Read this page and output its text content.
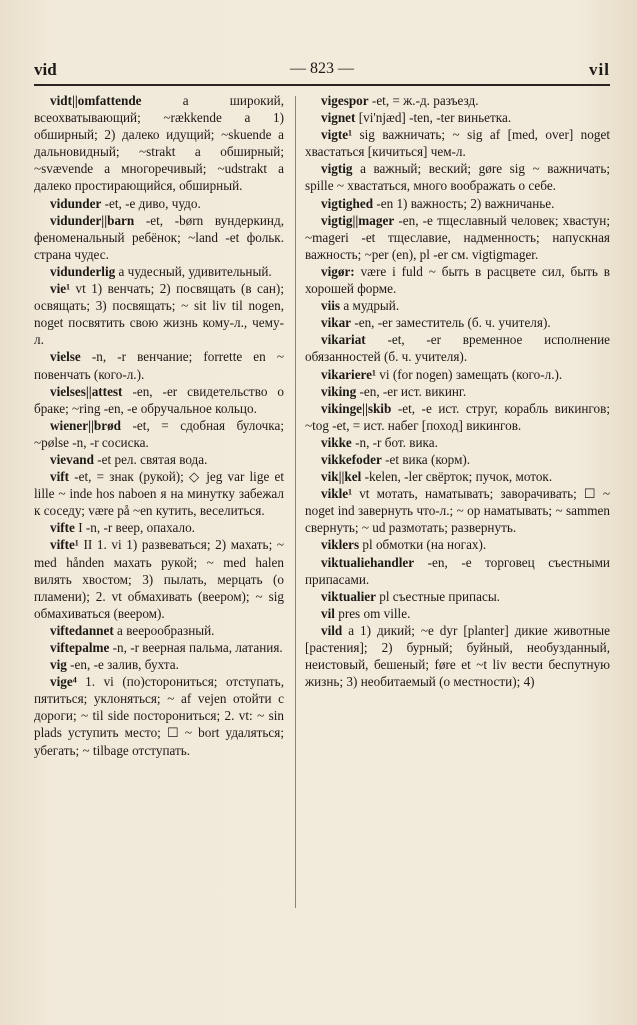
vid	— 823 —	vil

vidt||omfattende a широкий, всеохватывающий; ~rækkende a 1) обширный; 2) далеко идущий; ~skuende a дальновидный; ~strakt a обширный; ~svævende a многоречивый; ~udstrakt a далеко простирающийся, обширный.

vidunder -et, -e диво, чудо.

vidunder||barn -et, -børn вундеркинд, феноменальный ребёнок; ~land -et фольк. страна чудес.

vidunderlig a чудесный, удивительный.

vie¹ vt 1) венчать; 2) посвящать (в сан); освящать; 3) посвящать; ~ sit liv til nogen, noget посвятить свою жизнь кому-л., чему-л.

vielse -n, -r венчание; forrette en ~ повенчать (кого-л.).

vielses||attest -en, -er свидетельство о браке; ~ring -en, -e обручальное кольцо.

wiener||brød -et, = сдобная булочка; ~pølse -n, -r сосиска.

vievand -et рел. святая вода.

vift -et, = знак (рукой); ◇ jeg var lige et lille ~ inde hos naboen я на минутку забежал к соседу; være på ~en кутить, веселиться.

vifte I -n, -r веер, опахало.

vifte¹ II 1. vi 1) развеваться; 2) махать; ~ med hånden махать рукой; ~ med halen вилять хвостом; 3) пылать, мерцать (о пламени); 2. vt обмахивать (веером); ~ sig обмахиваться (веером).

viftedannet a веерообразный.

viftepalme -n, -r веерная пальма, латания.

vig -en, -e залив, бухта.

vige⁴ 1. vi (по)сторониться; отступать, пятиться; уклоняться; ~ af vejen отойти с дороги; ~ til side посторониться; 2. vt: ~ sin plads уступить место; ☐ ~ bort удаляться; убегать; ~ tilbage отступать.

vigespor -et, = ж.-д. разъезд.

vignet [vi'njæd] -ten, -ter виньетка.

vigte¹ sig важничать; ~ sig af [med, over] noget хвастаться [кичиться] чем-л.

vigtig a важный; веский; gøre sig ~ важничать; spille ~ хвастаться, много воображать о себе.

vigtighed -en 1) важность; 2) важничанье.

vigtig||mager -en, -e тщеславный человек; хвастун; ~mageri -et тщеславие, надменность; напускная важность; ~per (en), pl -er см. vigtigmager.

vigør: være i fuld ~ быть в расцвете сил, быть в хорошей форме.

viis a мудрый.

vikar -en, -er заместитель (б. ч. учителя).

vikariat -et, -er временное исполнение обязанностей (б. ч. учителя).

vikariere¹ vi (for nogen) замещать (кого-л.).

viking -en, -er ист. викинг.

vikinge||skib -et, -e ист. струг, корабль викингов; ~tog -et, = ист. набег [поход] викингов.

vikke -n, -r бот. вика.

vikkefoder -et вика (корм).

vik||kel -kelen, -ler свёрток; пучок, моток.

vikle¹ vt мотать, наматывать; заворачивать; ☐ ~ noget ind завернуть что-л.; ~ op наматывать; ~ sammen свернуть; ~ ud размотать; развернуть.

viklers pl обмотки (на ногах).

viktualiehandler -en, -e торговец съестными припасами.

viktualier pl съестные припасы.

vil pres om ville.

vild a 1) дикий; ~e dyr [planter] дикие животные [растения]; 2) бурный; буйный, необузданный, неистовый, бешеный; føre et ~t liv вести беспутную жизнь; 3) необитаемый (о местности); 4)
